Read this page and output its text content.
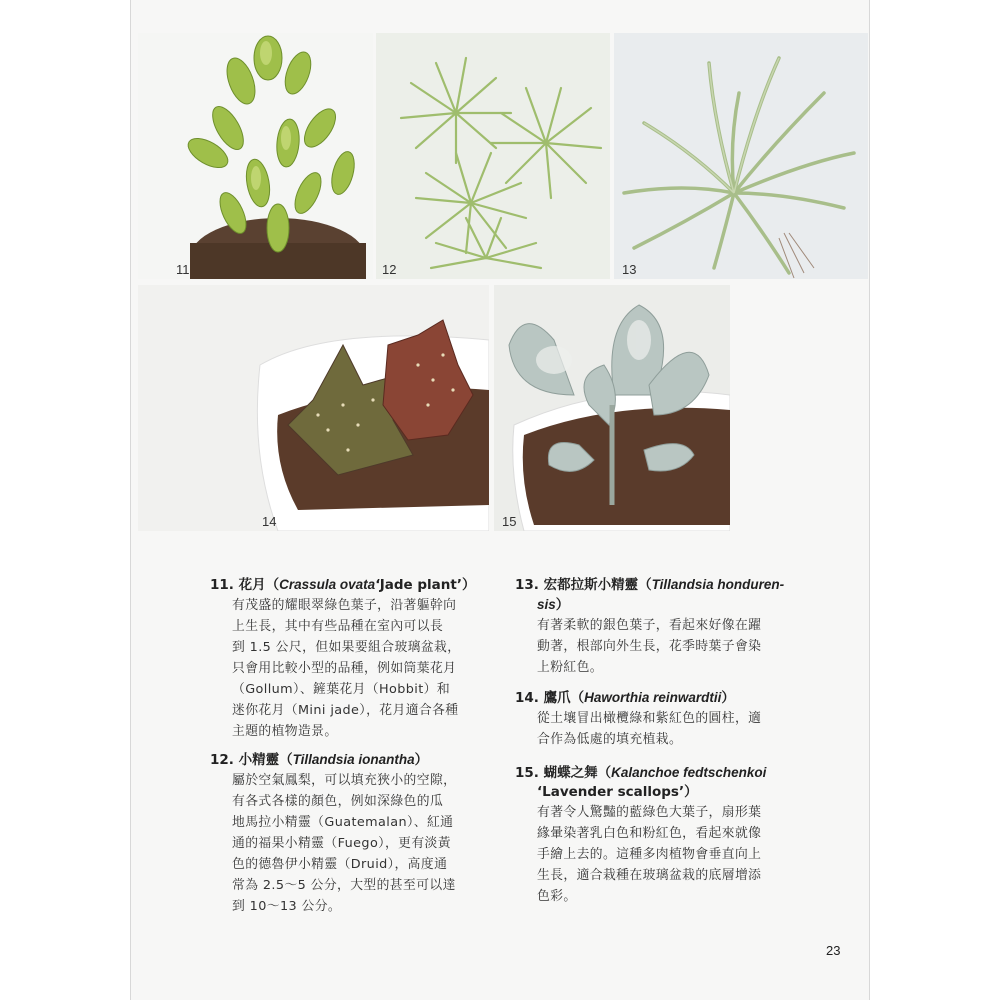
11	12	13
14	15
11. 花月（Crassula ovata‘Jade plant’）
有茂盛的耀眼翠綠色葉子，沿著軀幹向
上生長，其中有些品種在室內可以長
到 1.5 公尺，但如果要組合玻璃盆栽，
只會用比較小型的品種，例如筒葉花月
（Gollum）、鏟葉花月（Hobbit）和
迷你花月（Mini jade），花月適合各種
主題的植物造景。
12. 小精靈（Tillandsia ionantha）
屬於空氣鳳梨，可以填充狹小的空隙，
有各式各樣的顏色，例如深綠色的瓜
地馬拉小精靈（Guatemalan）、紅通
通的福果小精靈（Fuego），更有淡黃
色的德魯伊小精靈（Druid），高度通
常為 2.5～5 公分，大型的甚至可以達
到 10～13 公分。
13. 宏都拉斯小精靈（Tillandsia honduren-
sis）
有著柔軟的銀色葉子，看起來好像在躍
動著，根部向外生長，花季時葉子會染
上粉紅色。
14. 鷹爪（Haworthia reinwardtii）
從土壤冒出橄欖綠和紫紅色的圓柱，適
合作為低處的填充植栽。
15. 蝴蝶之舞（Kalanchoe fedtschenkoi
‘Lavender scallops’）
有著令人驚豔的藍綠色大葉子，扇形葉
緣暈染著乳白色和粉紅色，看起來就像
手繪上去的。這種多肉植物會垂直向上
生長，適合栽種在玻璃盆栽的底層增添
色彩。
23
